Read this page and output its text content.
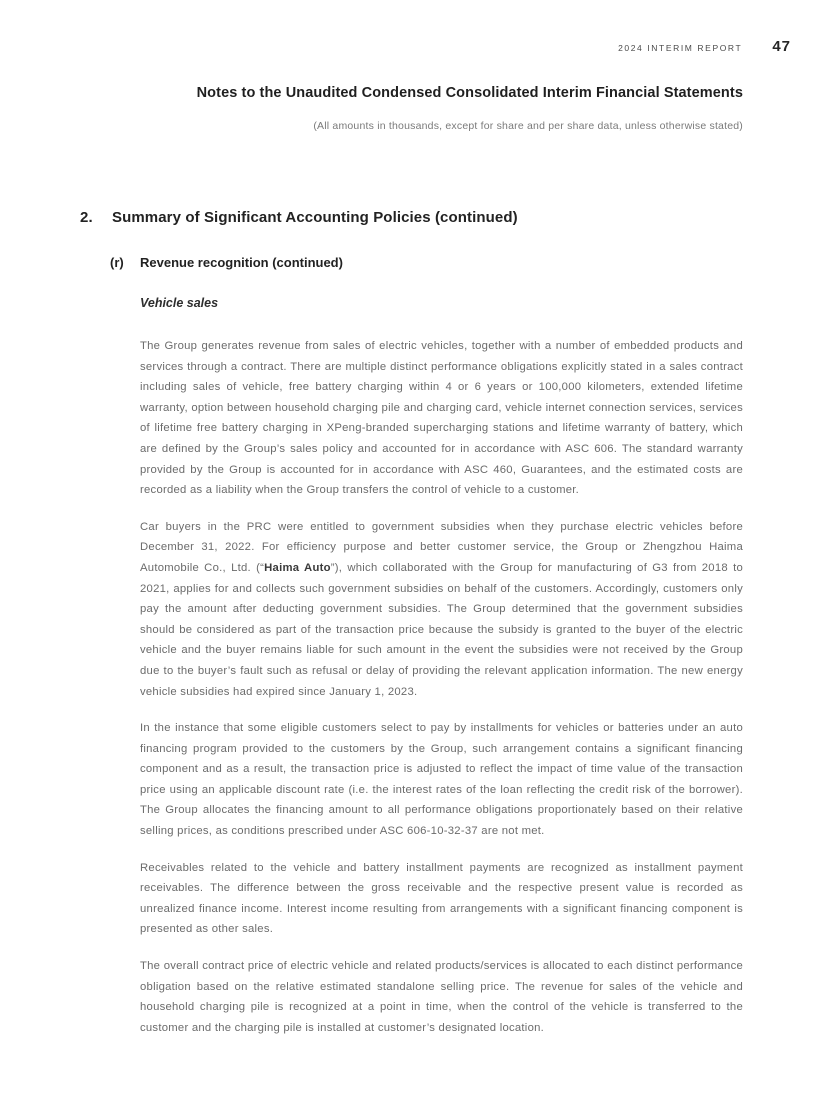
2024 INTERIM REPORT 47
Notes to the Unaudited Condensed Consolidated Interim Financial Statements
(All amounts in thousands, except for share and per share data, unless otherwise stated)
2.	Summary of Significant Accounting Policies (continued)
(r)	Revenue recognition (continued)
Vehicle sales

The Group generates revenue from sales of electric vehicles, together with a number of embedded products and services through a contract. There are multiple distinct performance obligations explicitly stated in a sales contract including sales of vehicle, free battery charging within 4 or 6 years or 100,000 kilometers, extended lifetime warranty, option between household charging pile and charging card, vehicle internet connection services, services of lifetime free battery charging in XPeng-branded supercharging stations and lifetime warranty of battery, which are defined by the Group’s sales policy and accounted for in accordance with ASC 606. The standard warranty provided by the Group is accounted for in accordance with ASC 460, Guarantees, and the estimated costs are recorded as a liability when the Group transfers the control of vehicle to a customer.

Car buyers in the PRC were entitled to government subsidies when they purchase electric vehicles before December 31, 2022. For efficiency purpose and better customer service, the Group or Zhengzhou Haima Automobile Co., Ltd. (“Haima Auto”), which collaborated with the Group for manufacturing of G3 from 2018 to 2021, applies for and collects such government subsidies on behalf of the customers. Accordingly, customers only pay the amount after deducting government subsidies. The Group determined that the government subsidies should be considered as part of the transaction price because the subsidy is granted to the buyer of the electric vehicle and the buyer remains liable for such amount in the event the subsidies were not received by the Group due to the buyer’s fault such as refusal or delay of providing the relevant application information. The new energy vehicle subsidies had expired since January 1, 2023.

In the instance that some eligible customers select to pay by installments for vehicles or batteries under an auto financing program provided to the customers by the Group, such arrangement contains a significant financing component and as a result, the transaction price is adjusted to reflect the impact of time value of the transaction price using an applicable discount rate (i.e. the interest rates of the loan reflecting the credit risk of the borrower). The Group allocates the financing amount to all performance obligations proportionately based on their relative selling prices, as conditions prescribed under ASC 606-10-32-37 are not met.

Receivables related to the vehicle and battery installment payments are recognized as installment payment receivables. The difference between the gross receivable and the respective present value is recorded as unrealized finance income. Interest income resulting from arrangements with a significant financing component is presented as other sales.

The overall contract price of electric vehicle and related products/services is allocated to each distinct performance obligation based on the relative estimated standalone selling price. The revenue for sales of the vehicle and household charging pile is recognized at a point in time, when the control of the vehicle is transferred to the customer and the charging pile is installed at customer’s designated location.
